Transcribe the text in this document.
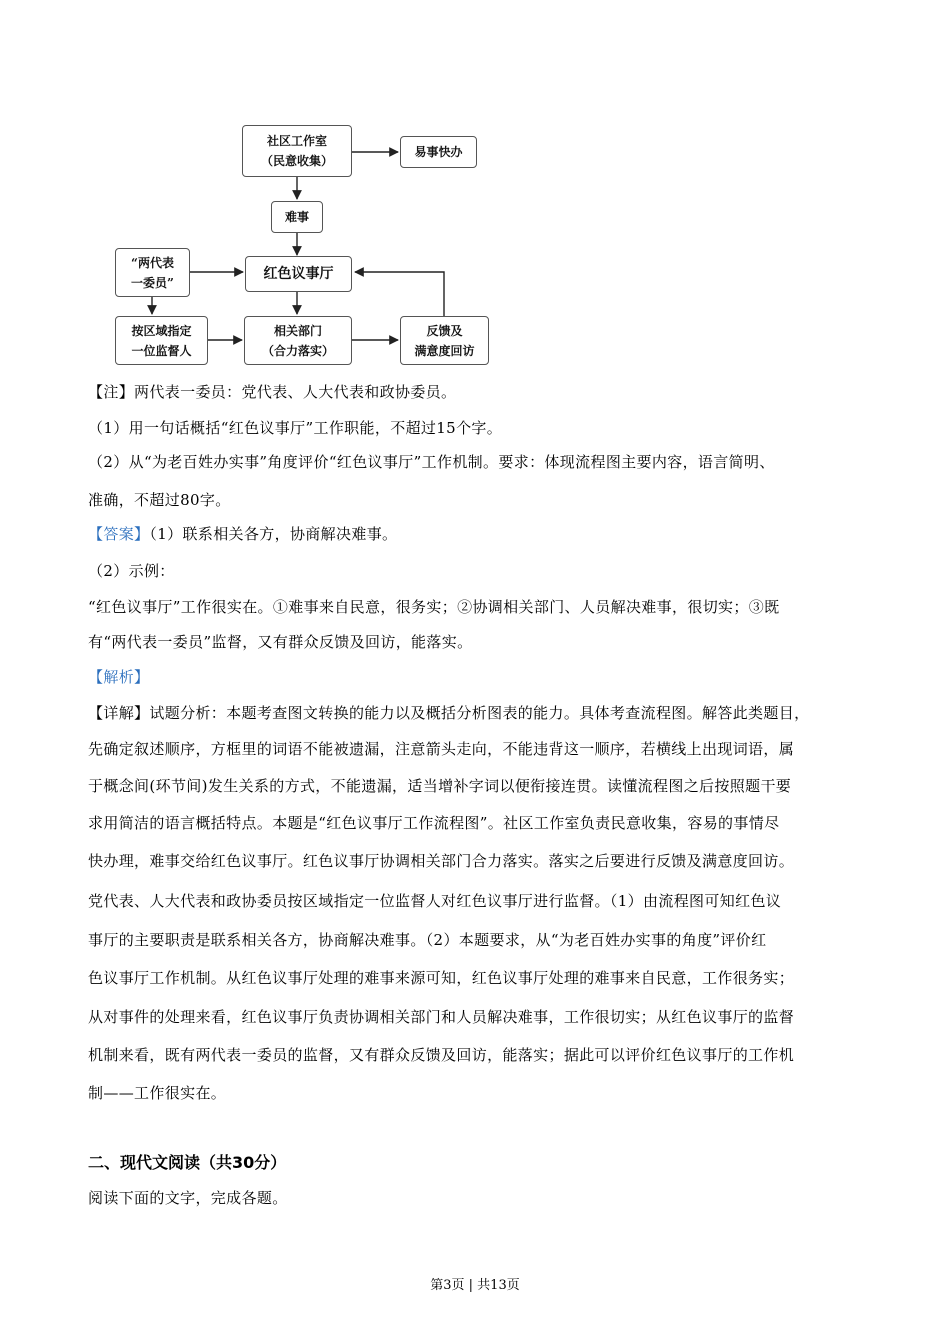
社区工作室
（民意收集）
易事快办
难事
“两代表
一委员”
红色议事厅
按区域指定
一位监督人
相关部门
（合力落实）
反馈及
满意度回访
【注】两代表一委员：党代表、人大代表和政协委员。
（1）用一句话概括“红色议事厅”工作职能，不超过15个字。
（2）从“为老百姓办实事”角度评价“红色议事厅”工作机制。要求：体现流程图主要内容，语言简明、
准确，不超过80字。
【答案】（1）联系相关各方，协商解决难事。
（2）示例：
“红色议事厅”工作很实在。①难事来自民意，很务实；②协调相关部门、人员解决难事，很切实；③既
有“两代表一委员”监督，又有群众反馈及回访，能落实。
【解析】
【详解】试题分析：本题考查图文转换的能力以及概括分析图表的能力。具体考查流程图。解答此类题目，
先确定叙述顺序，方框里的词语不能被遗漏，注意箭头走向，不能违背这一顺序，若横线上出现词语，属
于概念间(环节间)发生关系的方式，不能遗漏，适当增补字词以便衔接连贯。读懂流程图之后按照题干要
求用简洁的语言概括特点。本题是“红色议事厅工作流程图”。社区工作室负责民意收集，容易的事情尽
快办理，难事交给红色议事厅。红色议事厅协调相关部门合力落实。落实之后要进行反馈及满意度回访。
党代表、人大代表和政协委员按区域指定一位监督人对红色议事厅进行监督。（1）由流程图可知红色议
事厅的主要职责是联系相关各方，协商解决难事。（2）本题要求，从“为老百姓办实事的角度”评价红
色议事厅工作机制。从红色议事厅处理的难事来源可知，红色议事厅处理的难事来自民意，工作很务实；
从对事件的处理来看，红色议事厅负责协调相关部门和人员解决难事，工作很切实；从红色议事厅的监督
机制来看，既有两代表一委员的监督，又有群众反馈及回访，能落实；据此可以评价红色议事厅的工作机
制——工作很实在。
二、现代文阅读（共30分）
阅读下面的文字，完成各题。
第3页 | 共13页
